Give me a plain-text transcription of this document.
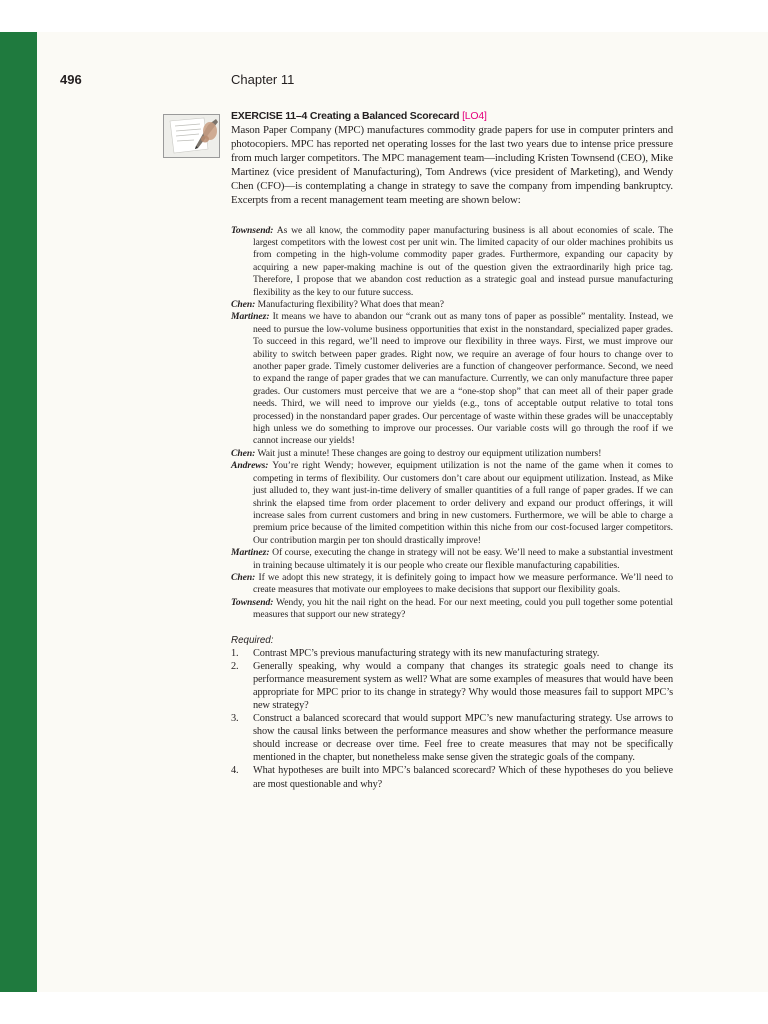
496	Chapter 11
EXERCISE 11–4 Creating a Balanced Scorecard [LO4]

Mason Paper Company (MPC) manufactures commodity grade papers for use in computer printers and photocopiers. MPC has reported net operating losses for the last two years due to intense price pressure from much larger competitors. The MPC management team—including Kristen Townsend (CEO), Mike Martinez (vice president of Manufacturing), Tom Andrews (vice president of Marketing), and Wendy Chen (CFO)—is contemplating a change in strategy to save the company from impending bankruptcy. Excerpts from a recent management team meeting are shown below:

Townsend: As we all know, the commodity paper manufacturing business is all about economies of scale. The largest competitors with the lowest cost per unit win. The limited capacity of our older machines prohibits us from competing in the high-volume commodity paper grades. Furthermore, expanding our capacity by acquiring a new paper-making machine is out of the question given the extraordinarily high price tag. Therefore, I propose that we abandon cost reduction as a strategic goal and instead pursue manufacturing flexibility as the key to our future success.

Chen: Manufacturing flexibility? What does that mean?

Martinez: It means we have to abandon our “crank out as many tons of paper as possible” mentality. Instead, we need to pursue the low-volume business opportunities that exist in the nonstandard, specialized paper grades. To succeed in this regard, we’ll need to improve our flexibility in three ways. First, we must improve our ability to switch between paper grades. Right now, we require an average of four hours to change over to another paper grade. Timely customer deliveries are a function of changeover performance. Second, we need to expand the range of paper grades that we can manufacture. Currently, we can only manufacture three paper grades. Our customers must perceive that we are a “one-stop shop” that can meet all of their paper grade needs. Third, we will need to improve our yields (e.g., tons of acceptable output relative to total tons processed) in the nonstandard paper grades. Our percentage of waste within these grades will be unacceptably high unless we do something to improve our processes. Our variable costs will go through the roof if we cannot increase our yields!

Chen: Wait just a minute! These changes are going to destroy our equipment utilization numbers!

Andrews: You’re right Wendy; however, equipment utilization is not the name of the game when it comes to competing in terms of flexibility. Our customers don’t care about our equipment utilization. Instead, as Mike just alluded to, they want just-in-time delivery of smaller quantities of a full range of paper grades. If we can shrink the elapsed time from order placement to order delivery and expand our product offerings, it will increase sales from current customers and bring in new customers. Furthermore, we will be able to charge a premium price because of the limited competition within this niche from our cost-focused larger competitors. Our contribution margin per ton should drastically improve!

Martinez: Of course, executing the change in strategy will not be easy. We’ll need to make a substantial investment in training because ultimately it is our people who create our flexible manufacturing capabilities.

Chen: If we adopt this new strategy, it is definitely going to impact how we measure performance. We’ll need to create measures that motivate our employees to make decisions that support our flexibility goals.

Townsend: Wendy, you hit the nail right on the head. For our next meeting, could you pull together some potential measures that support our new strategy?

Required:
1. Contrast MPC’s previous manufacturing strategy with its new manufacturing strategy.
2. Generally speaking, why would a company that changes its strategic goals need to change its performance measurement system as well? What are some examples of measures that would have been appropriate for MPC prior to its change in strategy? Why would those measures fail to support MPC’s new strategy?
3. Construct a balanced scorecard that would support MPC’s new manufacturing strategy. Use arrows to show the causal links between the performance measures and show whether the performance measure should increase or decrease over time. Feel free to create measures that may not be specifically mentioned in the chapter, but nonetheless make sense given the strategic goals of the company.
4. What hypotheses are built into MPC’s balanced scorecard? Which of these hypotheses do you believe are most questionable and why?
